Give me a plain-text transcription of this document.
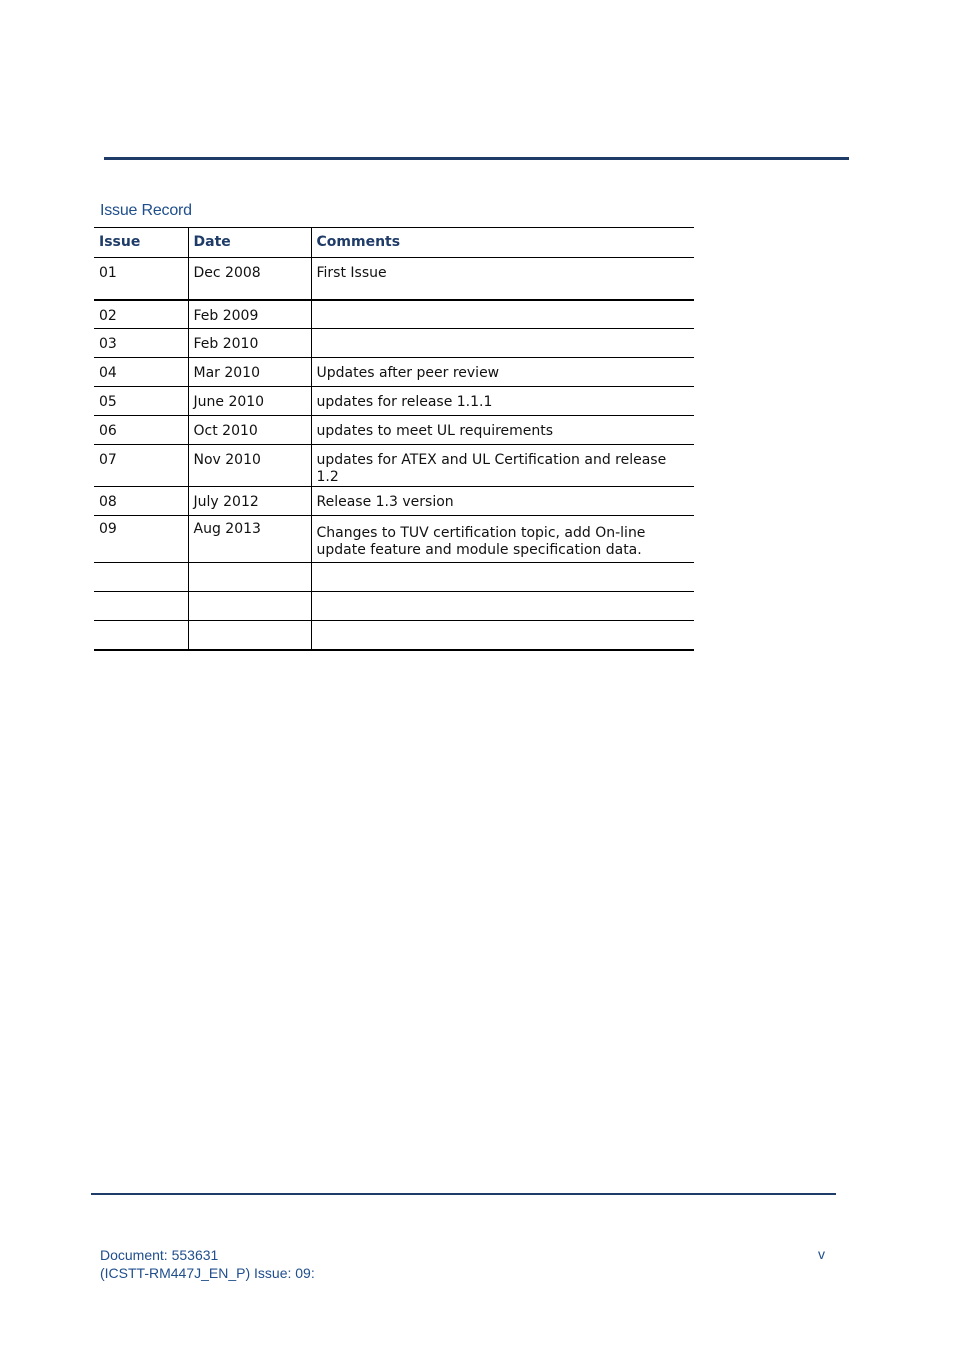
Issue Record
Issue	Date	Comments
01	Dec 2008	First Issue
02	Feb 2009	
03	Feb 2010	
04	Mar 2010	Updates after peer review
05	June 2010	updates for release 1.1.1
06	Oct 2010	updates to meet UL requirements
07	Nov 2010	updates for ATEX and UL Certification and release 1.2
08	July 2012	Release 1.3 version
09	Aug 2013	Changes to TUV certification topic, add On-line update feature and module specification data.

Document: 553631
(ICSTT-RM447J_EN_P) Issue: 09:
v
